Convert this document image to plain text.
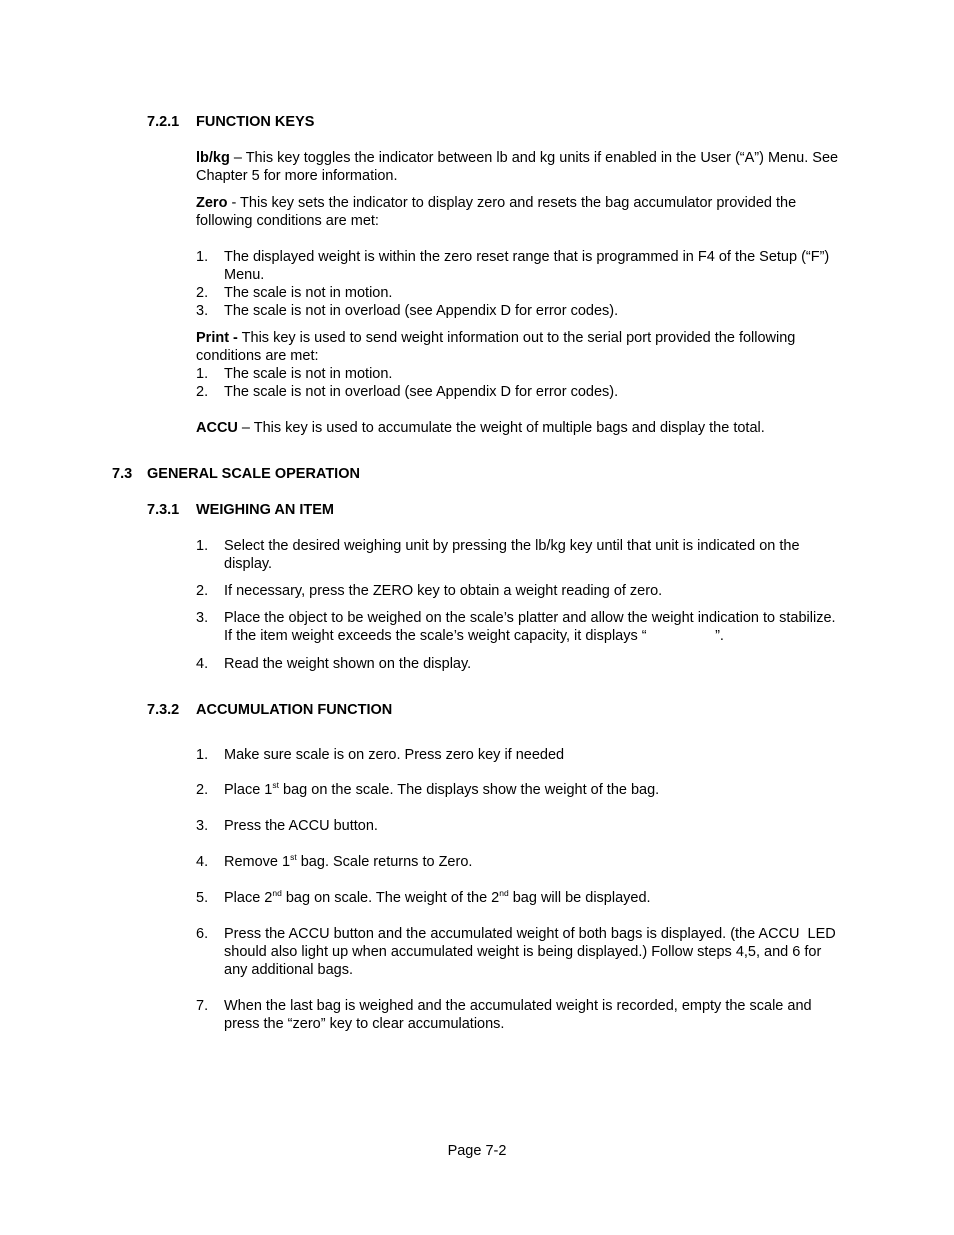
7.2.1 FUNCTION KEYS
lb/kg – This key toggles the indicator between lb and kg units if enabled in the User (“A”) Menu. See Chapter 5 for more information.
Zero - This key sets the indicator to display zero and resets the bag accumulator provided the following conditions are met:
1. The displayed weight is within the zero reset range that is programmed in F4 of the Setup (“F”) Menu.
2. The scale is not in motion.
3. The scale is not in overload (see Appendix D for error codes).
Print - This key is used to send weight information out to the serial port provided the following conditions are met:
1. The scale is not in motion.
2. The scale is not in overload (see Appendix D for error codes).
ACCU – This key is used to accumulate the weight of multiple bags and display the total.
7.3 GENERAL SCALE OPERATION
7.3.1 WEIGHING AN ITEM
1. Select the desired weighing unit by pressing the lb/kg key until that unit is indicated on the display.
2. If necessary, press the ZERO key to obtain a weight reading of zero.
3. Place the object to be weighed on the scale’s platter and allow the weight indication to stabilize. If the item weight exceeds the scale’s weight capacity, it displays “                 ”.
4. Read the weight shown on the display.
7.3.2 ACCUMULATION FUNCTION
1. Make sure scale is on zero. Press zero key if needed
2. Place 1st bag on the scale. The displays show the weight of the bag.
3. Press the ACCU button.
4. Remove 1st bag. Scale returns to Zero.
5. Place 2nd bag on scale. The weight of the 2nd bag will be displayed.
6. Press the ACCU button and the accumulated weight of both bags is displayed. (the ACCU  LED should also light up when accumulated weight is being displayed.) Follow steps 4,5, and 6 for any additional bags.
7. When the last bag is weighed and the accumulated weight is recorded, empty the scale and press the “zero” key to clear accumulations.
Page 7-2
